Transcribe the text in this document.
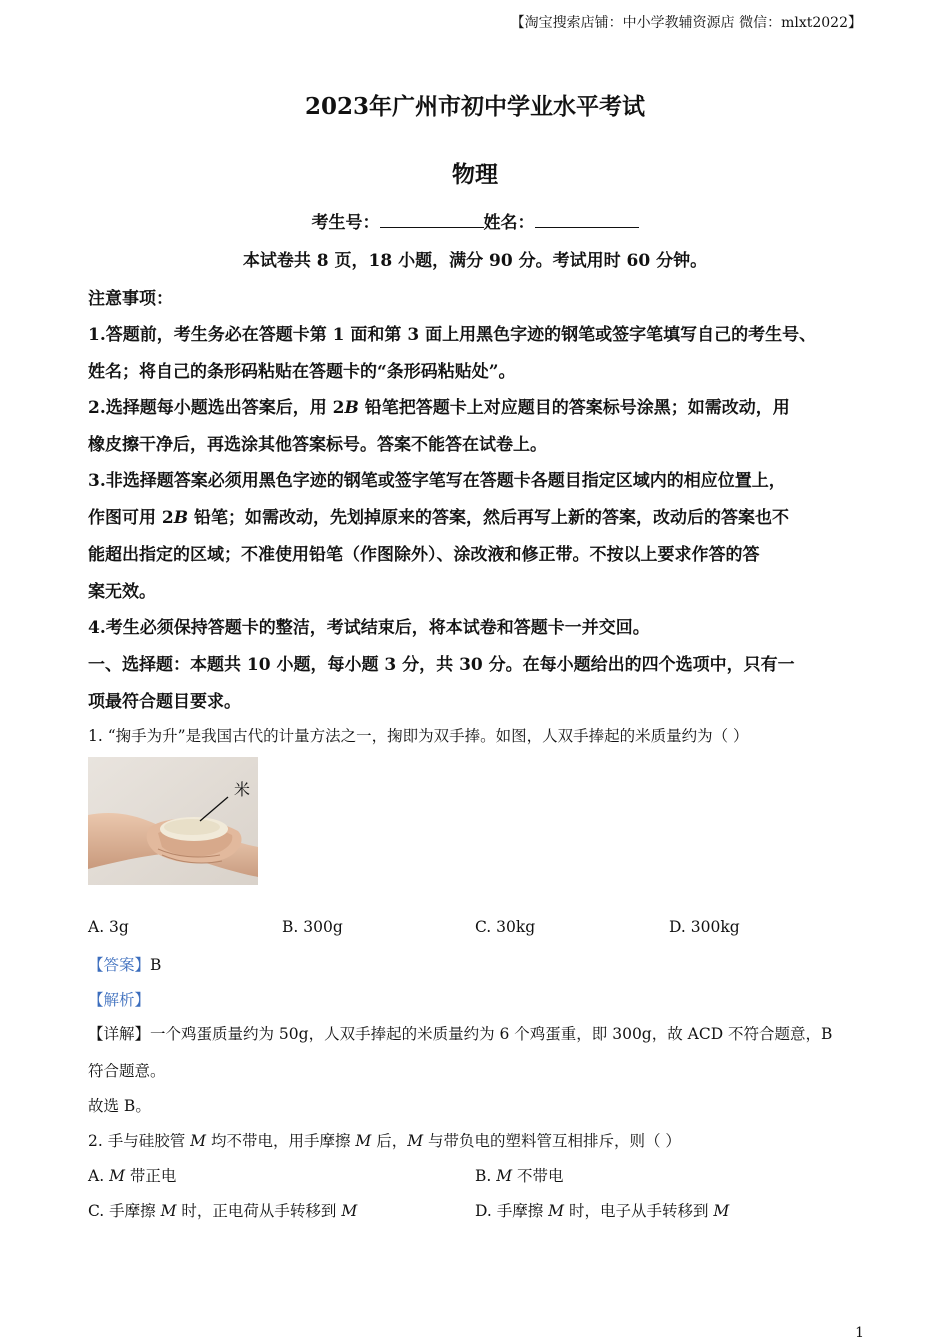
【淘宝搜索店铺：中小学教辅资源店 微信：mlxt2022】
2023年广州市初中学业水平考试
物理
考生号：	姓名：
本试卷共 8 页，18 小题，满分 90 分。考试用时 60 分钟。
注意事项：
1.答题前，考生务必在答题卡第 1 面和第 3 面上用黑色字迹的钢笔或签字笔填写自己的考生号、
姓名；将自己的条形码粘贴在答题卡的“条形码粘贴处”。
2.选择题每小题选出答案后，用 2B 铅笔把答题卡上对应题目的答案标号涂黑；如需改动，用
橡皮擦干净后，再选涂其他答案标号。答案不能答在试卷上。
3.非选择题答案必须用黑色字迹的钢笔或签字笔写在答题卡各题目指定区域内的相应位置上，
作图可用 2B 铅笔；如需改动，先划掉原来的答案，然后再写上新的答案，改动后的答案也不
能超出指定的区域；不准使用铅笔（作图除外）、涂改液和修正带。不按以上要求作答的答
案无效。
4.考生必须保持答题卡的整洁，考试结束后，将本试卷和答题卡一并交回。
一、选择题：本题共 10 小题，每小题 3 分，共 30 分。在每小题给出的四个选项中，只有一
项最符合题目要求。
1. “掬手为升”是我国古代的计量方法之一，掬即为双手捧。如图，人双手捧起的米质量约为（ ）
米
A. 3g	B. 300g	C. 30kg	D. 300kg
【答案】B
【解析】
【详解】一个鸡蛋质量约为 50g，人双手捧起的米质量约为 6 个鸡蛋重，即 300g，故 ACD 不符合题意，B
符合题意。
故选 B。
2. 手与硅胶管 M 均不带电，用手摩擦 M 后，M 与带负电的塑料管互相排斥，则（ ）
A. M 带正电	B. M 不带电
C. 手摩擦 M 时，正电荷从手转移到 M	D. 手摩擦 M 时，电子从手转移到 M
1
